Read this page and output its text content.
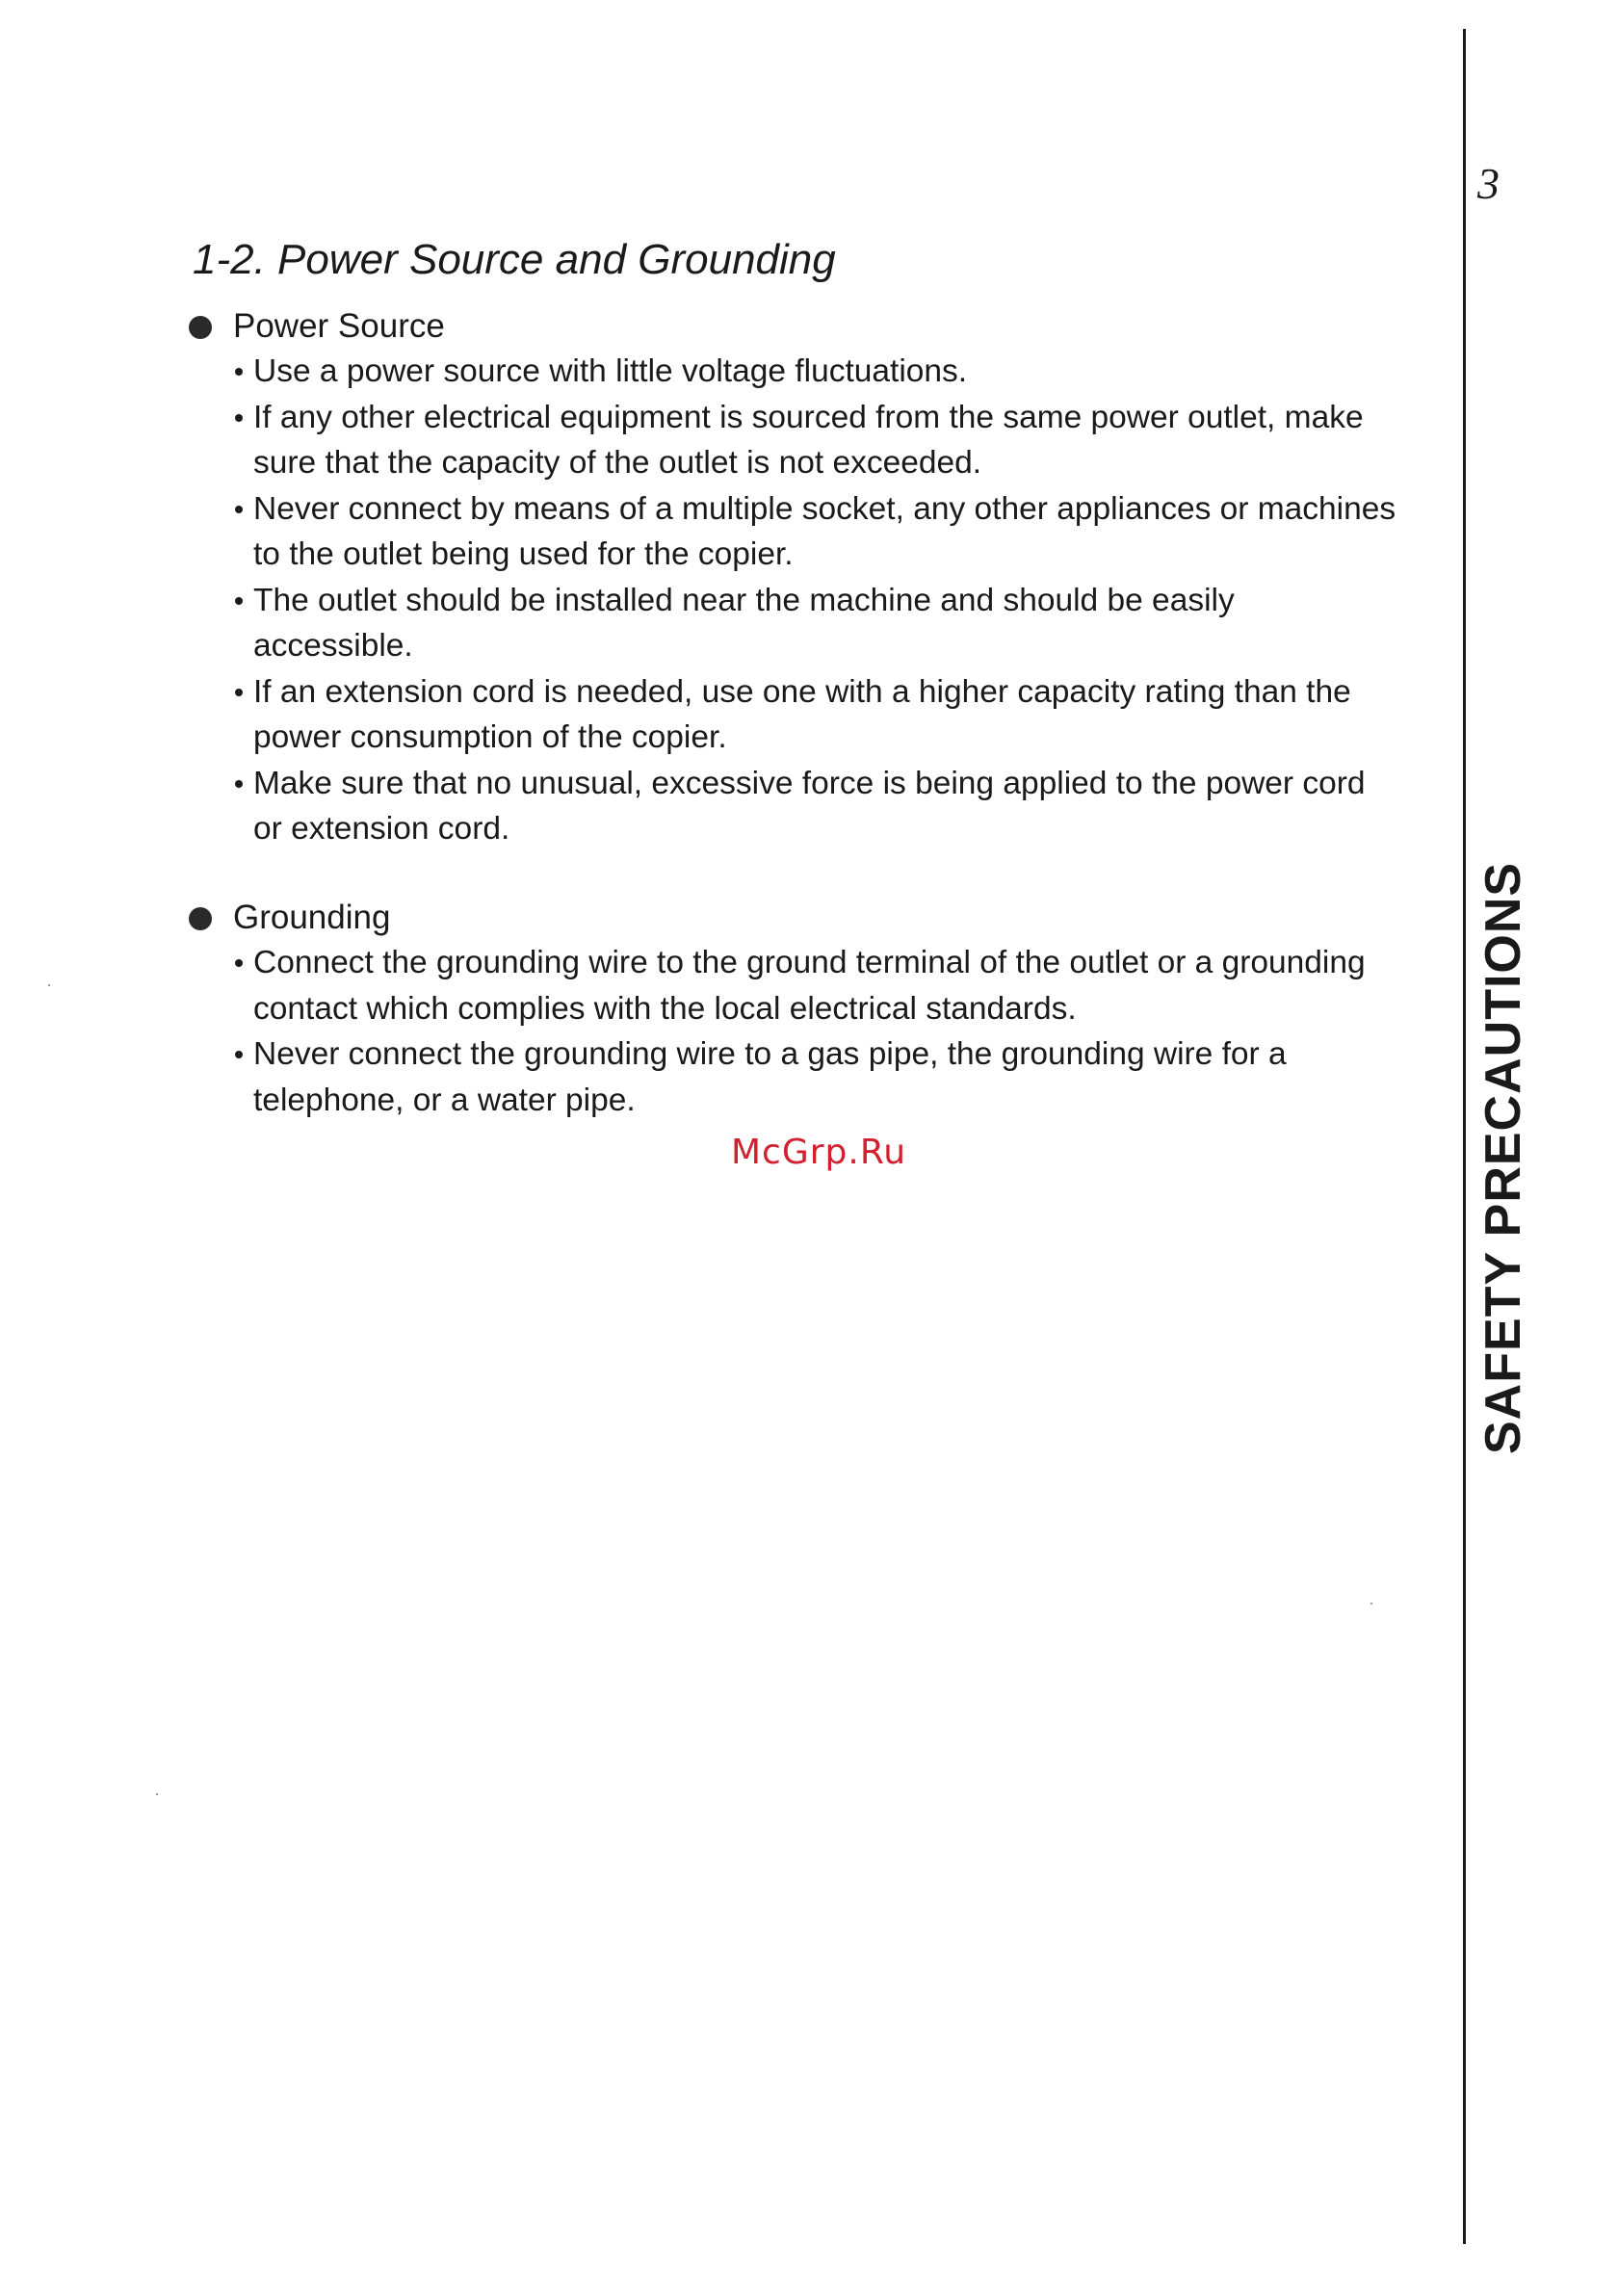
3
SAFETY PRECAUTIONS
1-2. Power Source and Grounding
Power Source
Use a power source with little voltage fluctuations.
If any other electrical equipment is sourced from the same power outlet, make sure that the capacity of the outlet is not exceeded.
Never connect by means of a multiple socket, any other appliances or machines to the outlet being used for the copier.
The outlet should be installed near the machine and should be easily accessible.
If an extension cord is needed, use one with a higher capacity rating than the power consumption of the copier.
Make sure that no unusual, excessive force is being applied to the power cord or extension cord.
Grounding
Connect the grounding wire to the ground terminal of the outlet or a grounding contact which complies with the local electrical standards.
Never connect the grounding wire to a gas pipe, the grounding wire for a telephone, or a water pipe.
McGrp.Ru
